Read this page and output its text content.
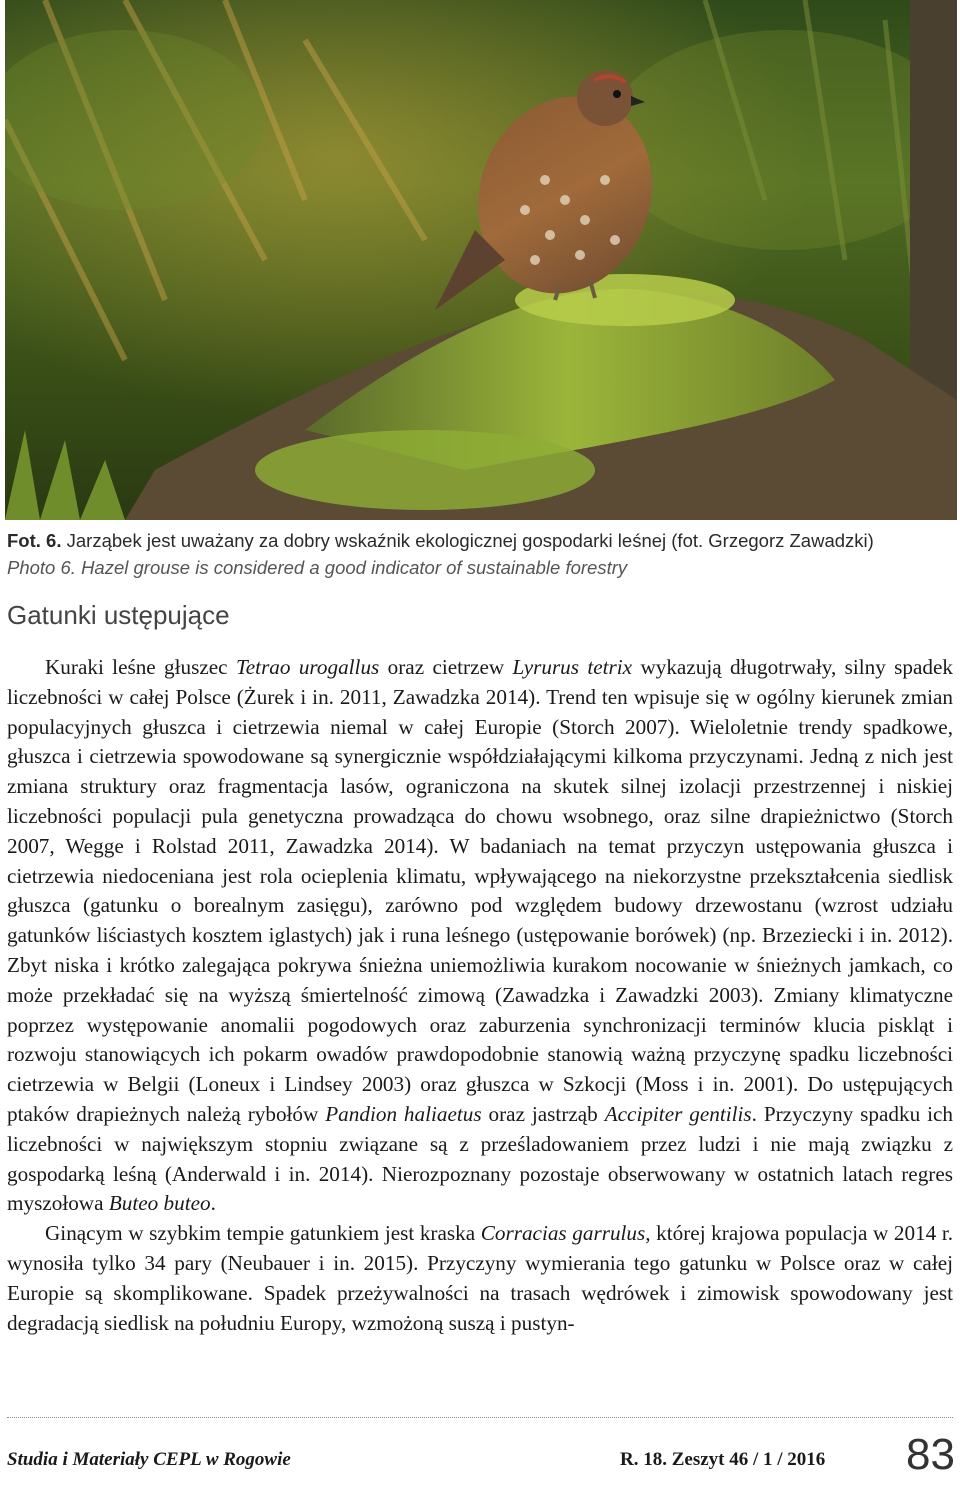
Fot. 6. Jarząbek jest uważany za dobry wskaźnik ekologicznej gospodarki leśnej (fot. Grzegorz Zawadzki)
Photo 6. Hazel grouse is considered a good indicator of sustainable forestry
Gatunki ustępujące

Kuraki leśne głuszec Tetrao urogallus oraz cietrzew Lyrurus tetrix wykazują długotrwały, silny spadek liczebności w całej Polsce (Żurek i in. 2011, Zawadzka 2014). Trend ten wpisuje się w ogólny kierunek zmian populacyjnych głuszca i cietrzewia niemal w całej Europie (Storch 2007). Wieloletnie trendy spadkowe, głuszca i cietrzewia spowodowane są synergicznie współdziałającymi kilkoma przyczynami. Jedną z nich jest zmiana struktury oraz fragmentacja lasów, ograniczona na skutek silnej izolacji przestrzennej i niskiej liczebności populacji pula genetyczna prowadząca do chowu wsobnego, oraz silne drapieżnictwo (Storch 2007, Wegge i Rolstad 2011, Zawadzka 2014). W badaniach na temat przyczyn ustępowania głuszca i cietrzewia niedoceniana jest rola ocieplenia klimatu, wpływającego na niekorzystne przekształcenia siedlisk głuszca (gatunku o borealnym zasięgu), zarówno pod względem budowy drzewostanu (wzrost udziału gatunków liściastych kosztem iglastych) jak i runa leśnego (ustępowanie borówek) (np. Brzeziecki i in. 2012). Zbyt niska i krótko zalegająca pokrywa śnieżna uniemożliwia kurakom nocowanie w śnieżnych jamkach, co może przekładać się na wyższą śmiertelność zimową (Zawadzka i Zawadzki 2003). Zmiany klimatyczne poprzez występowanie anomalii pogodowych oraz zaburzenia synchronizacji terminów klucia piskląt i rozwoju stanowiących ich pokarm owadów prawdopodobnie stanowią ważną przyczynę spadku liczebności cietrzewia w Belgii (Loneux i Lindsey 2003) oraz głuszca w Szkocji (Moss i in. 2001). Do ustępujących ptaków drapieżnych należą rybołów Pandion haliaetus oraz jastrząb Accipiter gentilis. Przyczyny spadku ich liczebności w największym stopniu związane są z prześladowaniem przez ludzi i nie mają związku z gospodarką leśną (Anderwald i in. 2014). Nierozpoznany pozostaje obserwowany w ostatnich latach regres myszołowa Buteo buteo.

Ginącym w szybkim tempie gatunkiem jest kraska Corracias garrulus, której krajowa populacja w 2014 r. wynosiła tylko 34 pary (Neubauer i in. 2015). Przyczyny wymierania tego gatunku w Polsce oraz w całej Europie są skomplikowane. Spadek przeżywalności na trasach wędrówek i zimowisk spowodowany jest degradacją siedlisk na południu Europy, wzmożoną suszą i pustyn-

Studia i Materiały CEPL w Rogowie	R. 18. Zeszyt 46 / 1 / 2016 83
